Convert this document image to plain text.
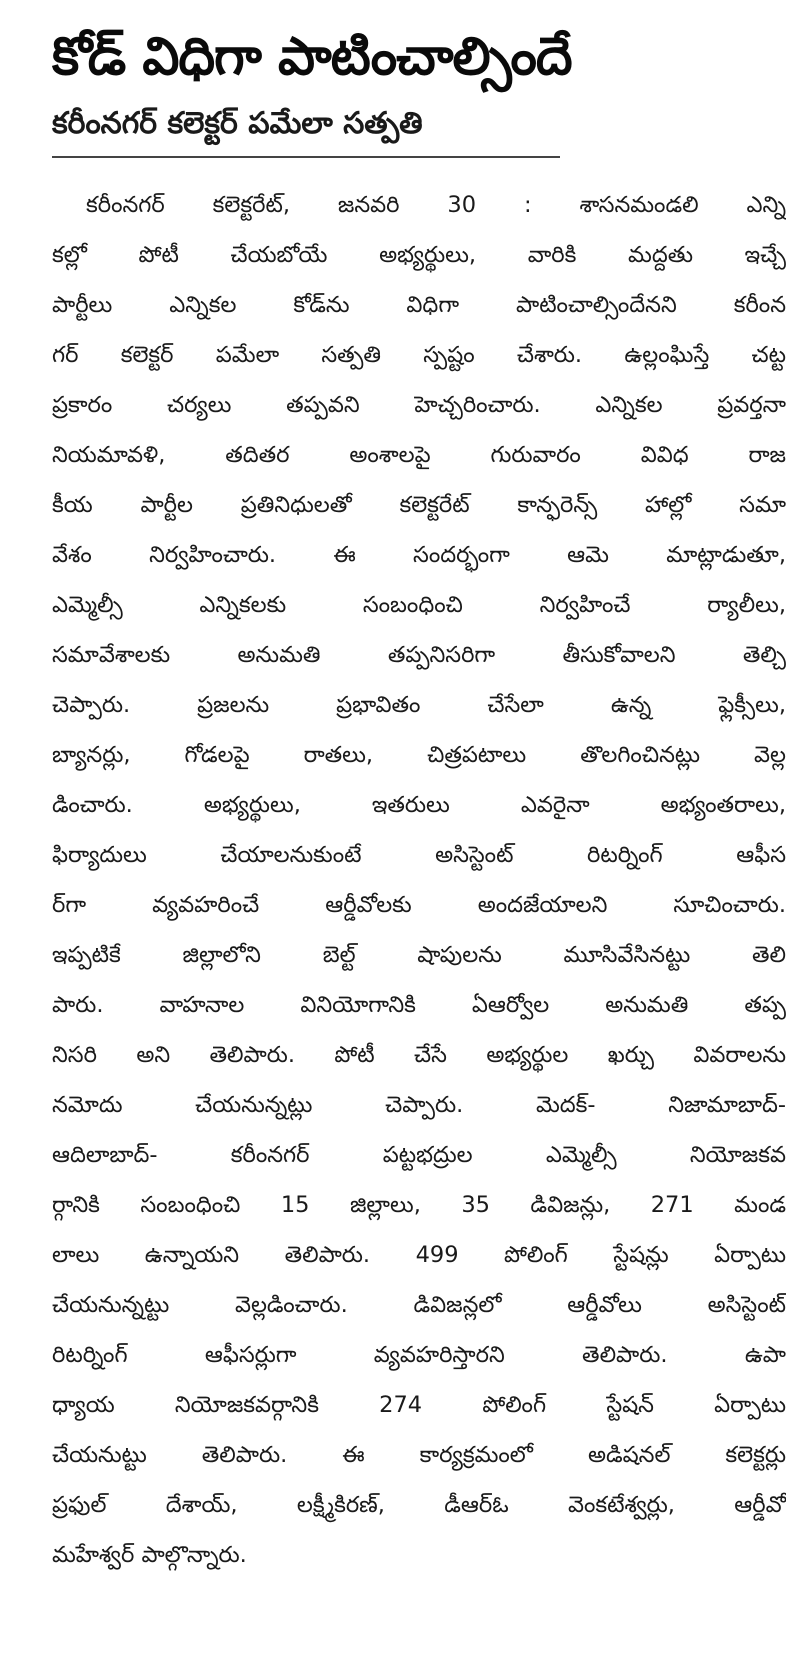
కోడ్ విధిగా పాటించాల్సిందే
కరీంనగర్ కలెక్టర్ పమేలా సత్పతి
కరీంనగర్ కలెక్టరేట్, జనవరి 30 : శాసనమండలి ఎన్ని
కల్లో పోటీ చేయబోయే అభ్యర్థులు, వారికి మద్దతు ఇచ్చే
పార్టీలు ఎన్నికల కోడ్‌ను విధిగా పాటించాల్సిందేనని కరీంన
గర్ కలెక్టర్ పమేలా సత్పతి స్పష్టం చేశారు. ఉల్లంఘిస్తే చట్ట
ప్రకారం చర్యలు తప్పవని హెచ్చరించారు. ఎన్నికల ప్రవర్తనా
నియమావళి, తదితర అంశాలపై గురువారం వివిధ రాజ
కీయ పార్టీల ప్రతినిధులతో కలెక్టరేట్ కాన్ఫరెన్స్ హాల్లో సమా
వేశం నిర్వహించారు. ఈ సందర్భంగా ఆమె మాట్లాడుతూ,
ఎమ్మెల్సీ ఎన్నికలకు సంబంధించి నిర్వహించే ర్యాలీలు,
సమావేశాలకు అనుమతి తప్పనిసరిగా తీసుకోవాలని తెల్చి
చెప్పారు. ప్రజలను ప్రభావితం చేసేలా ఉన్న ఫ్లెక్సీలు,
బ్యానర్లు, గోడలపై రాతలు, చిత్రపటాలు తొలగించినట్లు వెల్ల
డించారు. అభ్యర్థులు, ఇతరులు ఎవరైనా అభ్యంతరాలు,
ఫిర్యాదులు చేయాలనుకుంటే అసిస్టెంట్ రిటర్నింగ్ ఆఫీస
ర్‌గా వ్యవహరించే ఆర్డీవోలకు అందజేయాలని సూచించారు.
ఇప్పటికే జిల్లాలోని బెల్ట్ షాపులను మూసివేసినట్టు తెలి
పారు. వాహనాల వినియోగానికి ఏఆర్వోల అనుమతి తప్ప
నిసరి అని తెలిపారు. పోటీ చేసే అభ్యర్థుల ఖర్చు వివరాలను
నమోదు చేయనున్నట్లు చెప్పారు. మెదక్- నిజామాబాద్-
ఆదిలాబాద్- కరీంనగర్ పట్టభద్రుల ఎమ్మెల్సీ నియోజకవ
ర్గానికి సంబంధించి 15 జిల్లాలు, 35 డివిజన్లు, 271 మండ
లాలు ఉన్నాయని తెలిపారు. 499 పోలింగ్ స్టేషన్లు ఏర్పాటు
చేయనున్నట్టు వెల్లడించారు. డివిజన్లలో ఆర్డీవోలు అసిస్టెంట్
రిటర్నింగ్ ఆఫీసర్లుగా వ్యవహరిస్తారని తెలిపారు. ఉపా
ధ్యాయ నియోజకవర్గానికి 274 పోలింగ్ స్టేషన్ ఏర్పాటు
చేయనుట్టు తెలిపారు. ఈ కార్యక్రమంలో అడిషనల్ కలెక్టర్లు
ప్రఫుల్ దేశాయ్, లక్ష్మీకిరణ్, డీఆర్ఓ వెంకటేశ్వర్లు, ఆర్డీవో
మహేశ్వర్ పాల్గొన్నారు.
